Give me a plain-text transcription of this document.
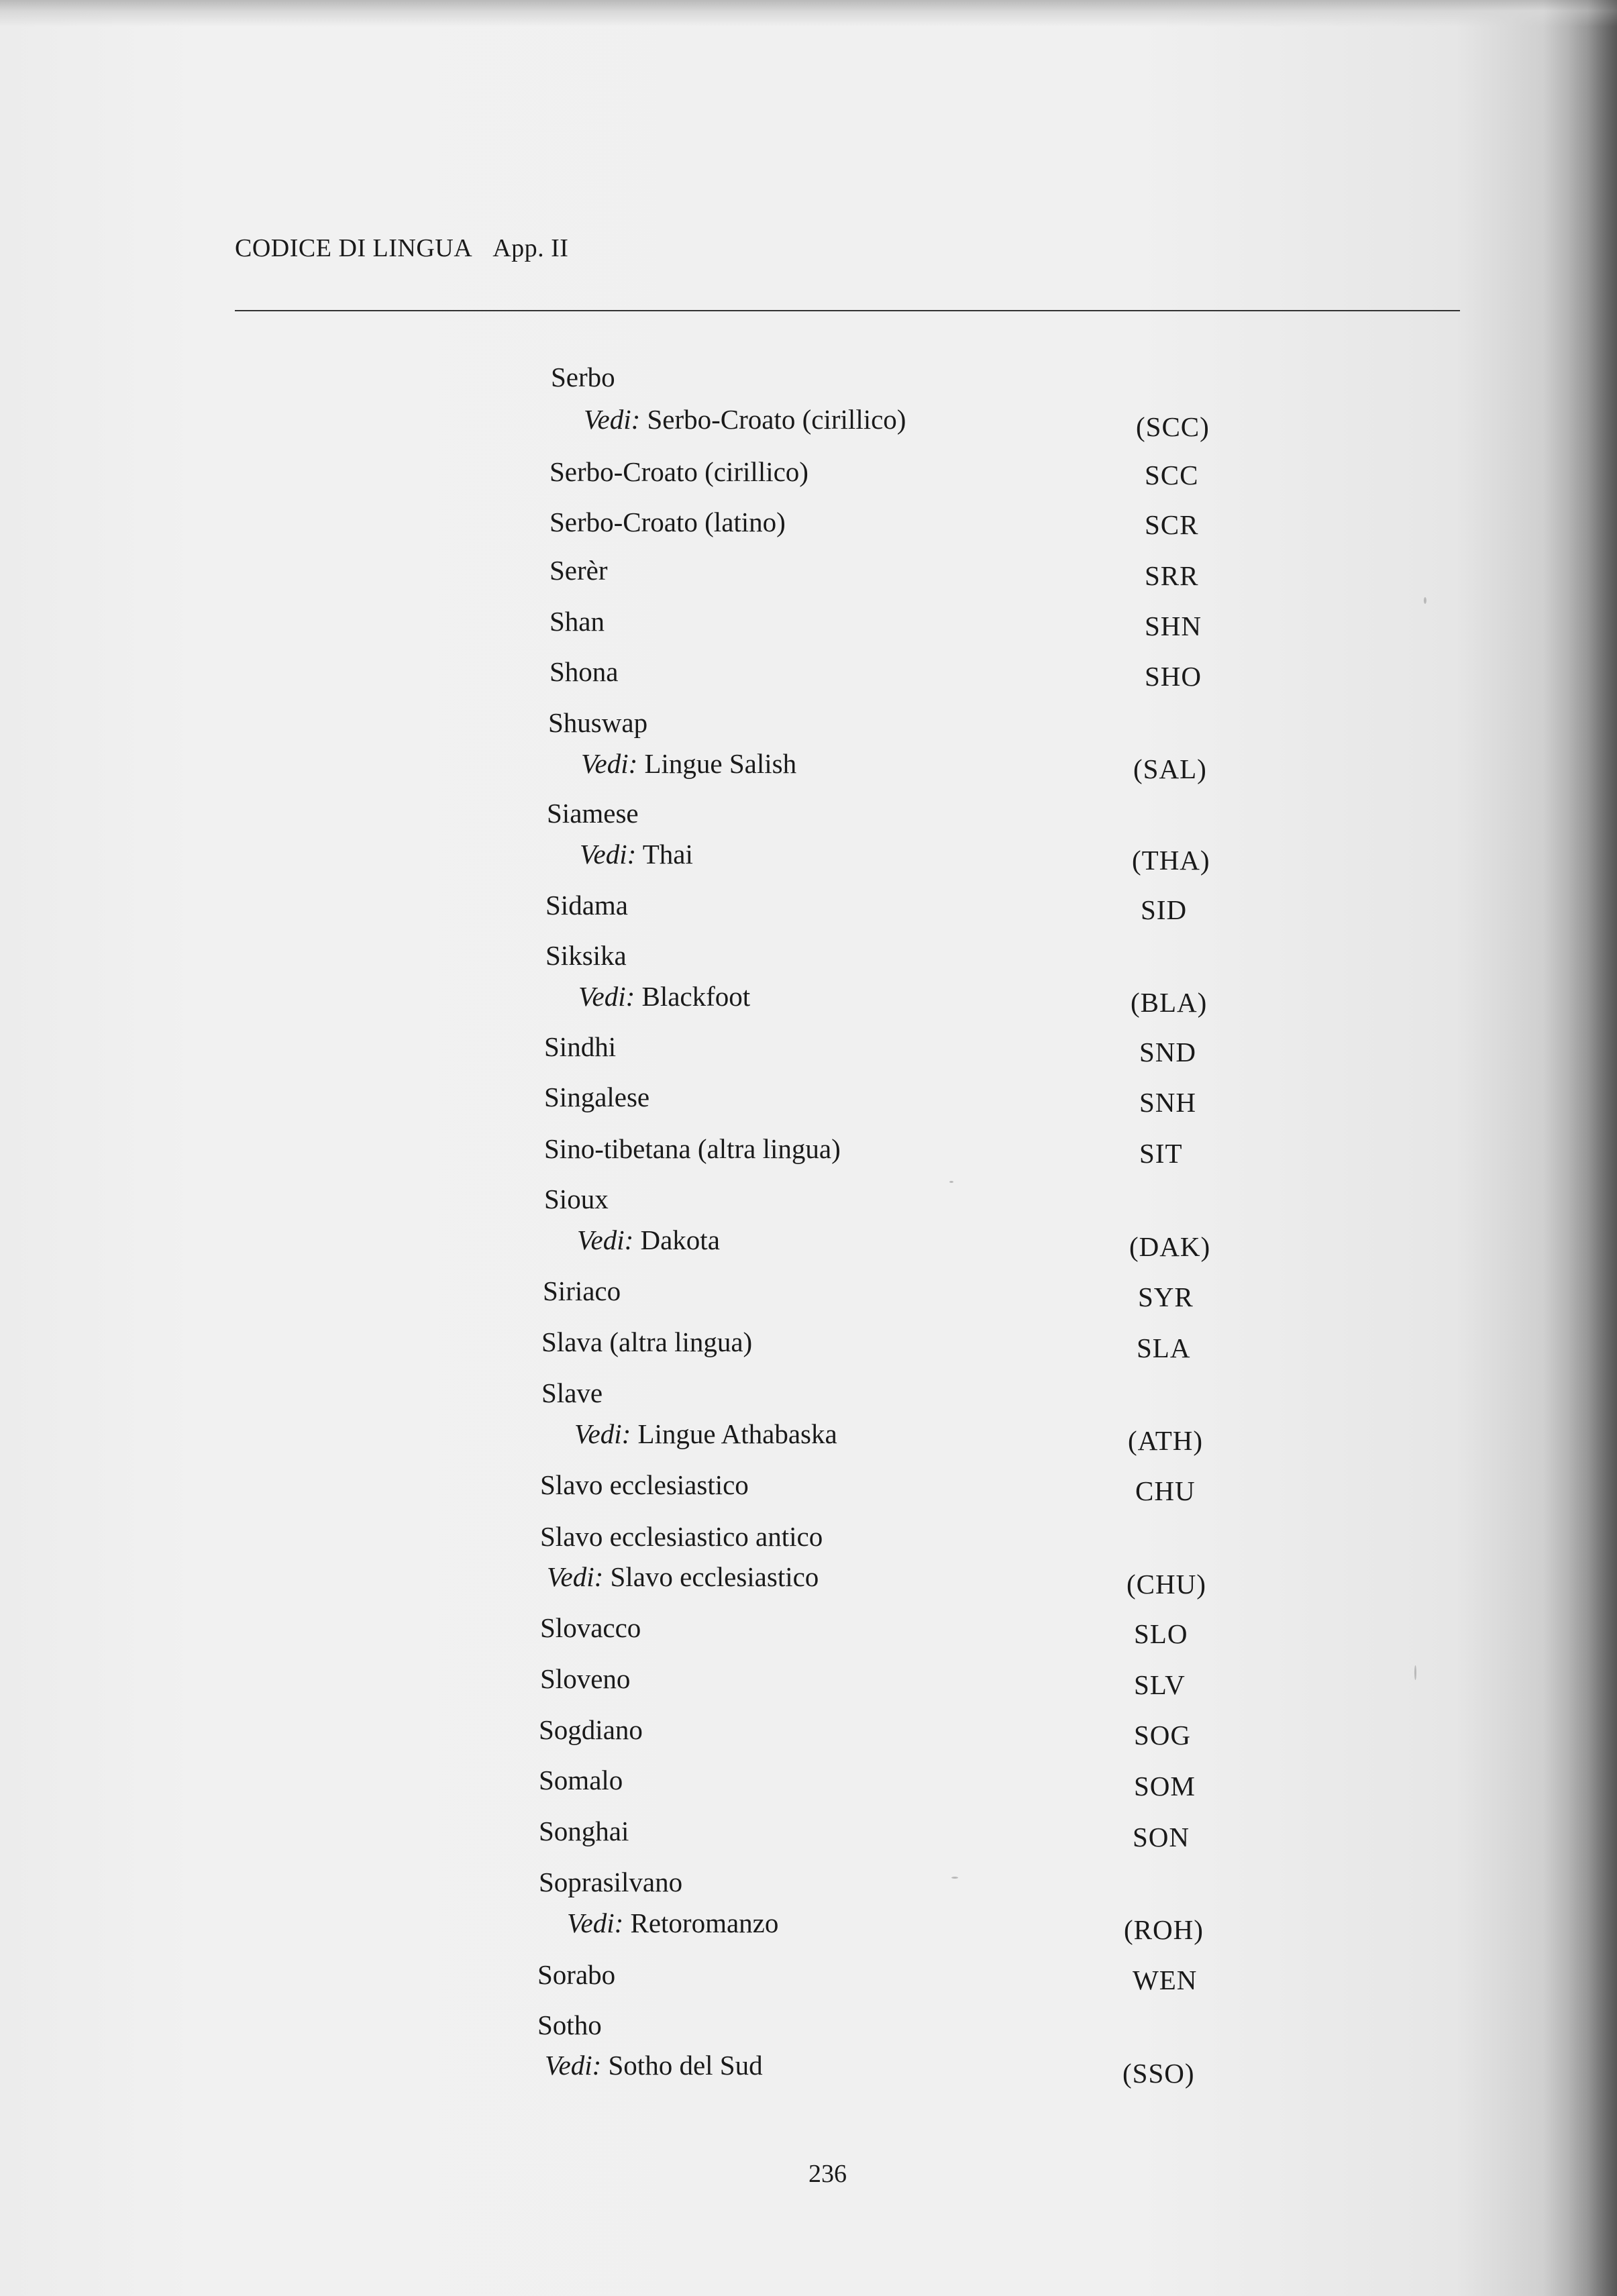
CODICE DI LINGUA App. II
Serbo
Vedi: Serbo-Croato (cirillico)	(SCC)
Serbo-Croato (cirillico)	SCC
Serbo-Croato (latino)	SCR
Serèr	SRR
Shan	SHN
Shona	SHO
Shuswap
Vedi: Lingue Salish	(SAL)
Siamese
Vedi: Thai	(THA)
Sidama	SID
Siksika
Vedi: Blackfoot	(BLA)
Sindhi	SND
Singalese	SNH
Sino-tibetana (altra lingua)	SIT
Sioux
Vedi: Dakota	(DAK)
Siriaco	SYR
Slava (altra lingua)	SLA
Slave
Vedi: Lingue Athabaska	(ATH)
Slavo ecclesiastico	CHU
Slavo ecclesiastico antico
Vedi: Slavo ecclesiastico	(CHU)
Slovacco	SLO
Sloveno	SLV
Sogdiano	SOG
Somalo	SOM
Songhai	SON
Soprasilvano
Vedi: Retoromanzo	(ROH)
Sorabo	WEN
Sotho
Vedi: Sotho del Sud	(SSO)
236
